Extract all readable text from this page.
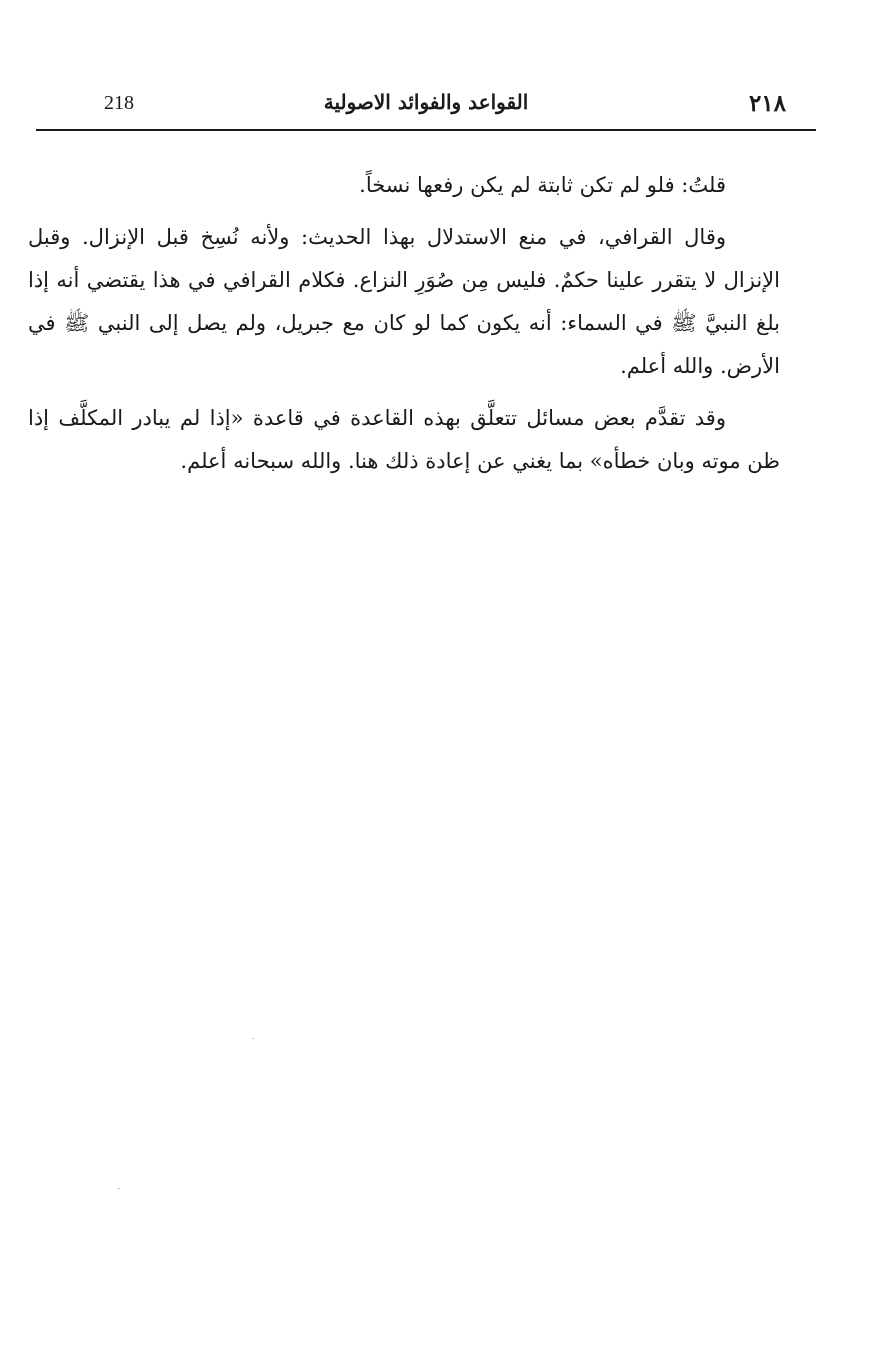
218	القواعد والفوائد الاصولية	٢١٨

قلتُ: فلو لم تكن ثابتة لم يكن رفعها نسخاً.

وقال القرافي، في منع الاستدلال بهذا الحديث: ولأنه نُسِخ قبل الإنزال. وقبل الإنزال لا يتقرر علينا حكمٌ. فليس مِن صُوَرِ النزاع. فكلام القرافي في هذا يقتضي أنه إذا بلغ النبيَّ ﷺ في السماء: أنه يكون كما لو كان مع جبريل، ولم يصل إلى النبي ﷺ في الأرض. والله أعلم.

وقد تقدَّم بعض مسائل تتعلَّق بهذه القاعدة في قاعدة «إذا لم يبادر المكلَّف إذا ظن موته وبان خطأه» بما يغني عن إعادة ذلك هنا. والله سبحانه أعلم.
